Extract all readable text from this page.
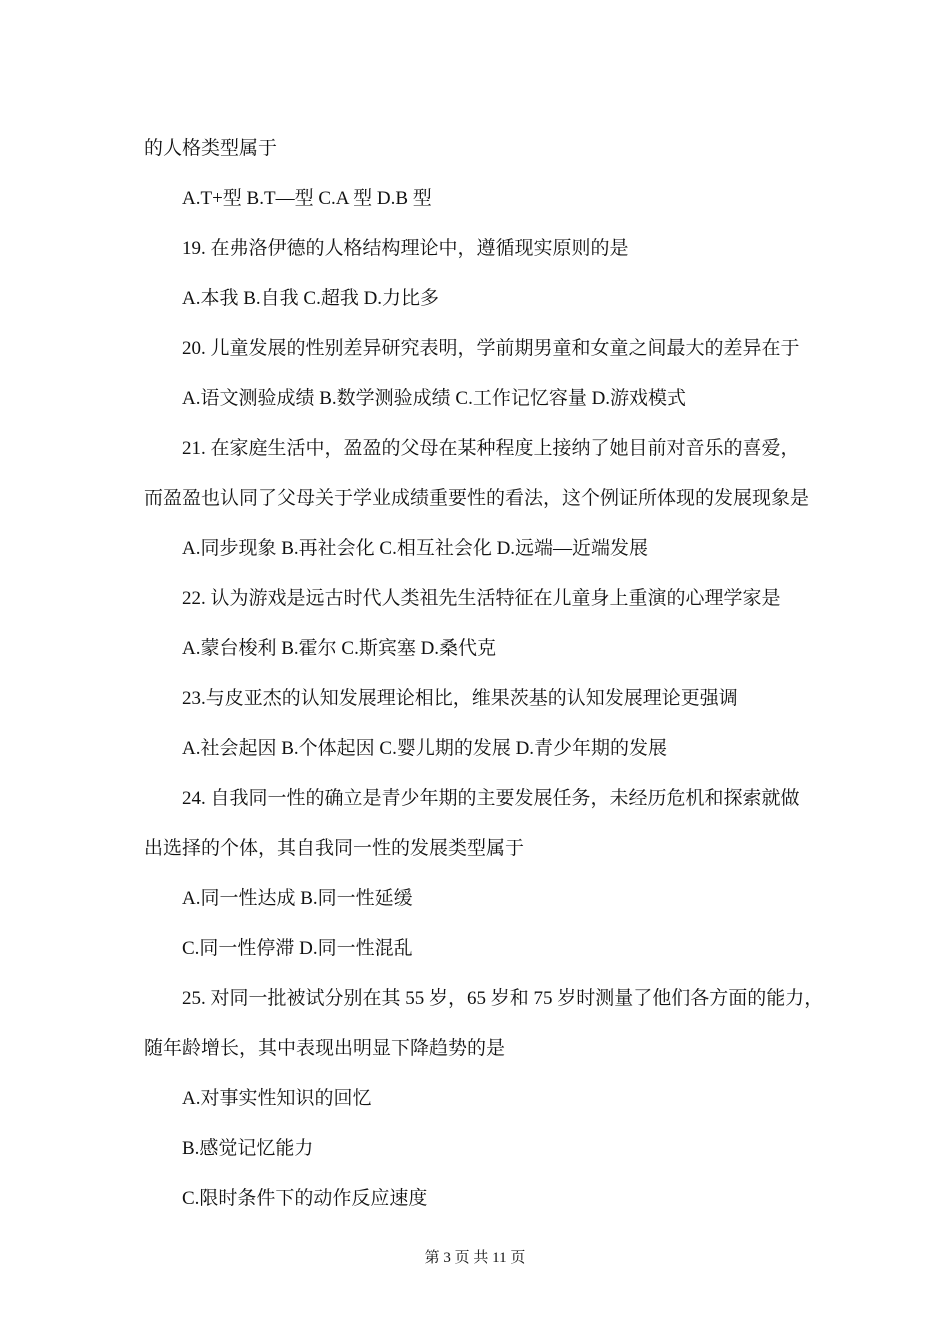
的人格类型属于
A.T+型 B.T—型 C.A 型 D.B 型
19. 在弗洛伊德的人格结构理论中，遵循现实原则的是
A.本我 B.自我 C.超我 D.力比多
20. 儿童发展的性别差异研究表明，学前期男童和女童之间最大的差异在于
A.语文测验成绩 B.数学测验成绩 C.工作记忆容量 D.游戏模式
21. 在家庭生活中，盈盈的父母在某种程度上接纳了她目前对音乐的喜爱，
而盈盈也认同了父母关于学业成绩重要性的看法，这个例证所体现的发展现象是
A.同步现象 B.再社会化 C.相互社会化 D.远端—近端发展
22. 认为游戏是远古时代人类祖先生活特征在儿童身上重演的心理学家是
A.蒙台梭利 B.霍尔 C.斯宾塞 D.桑代克
23.与皮亚杰的认知发展理论相比，维果茨基的认知发展理论更强调
A.社会起因 B.个体起因 C.婴儿期的发展 D.青少年期的发展
24. 自我同一性的确立是青少年期的主要发展任务，未经历危机和探索就做
出选择的个体，其自我同一性的发展类型属于
A.同一性达成 B.同一性延缓
C.同一性停滞 D.同一性混乱
25. 对同一批被试分别在其 55 岁，65 岁和 75 岁时测量了他们各方面的能力，
随年龄增长，其中表现出明显下降趋势的是
A.对事实性知识的回忆
B.感觉记忆能力
C.限时条件下的动作反应速度
第 3 页 共 11 页
